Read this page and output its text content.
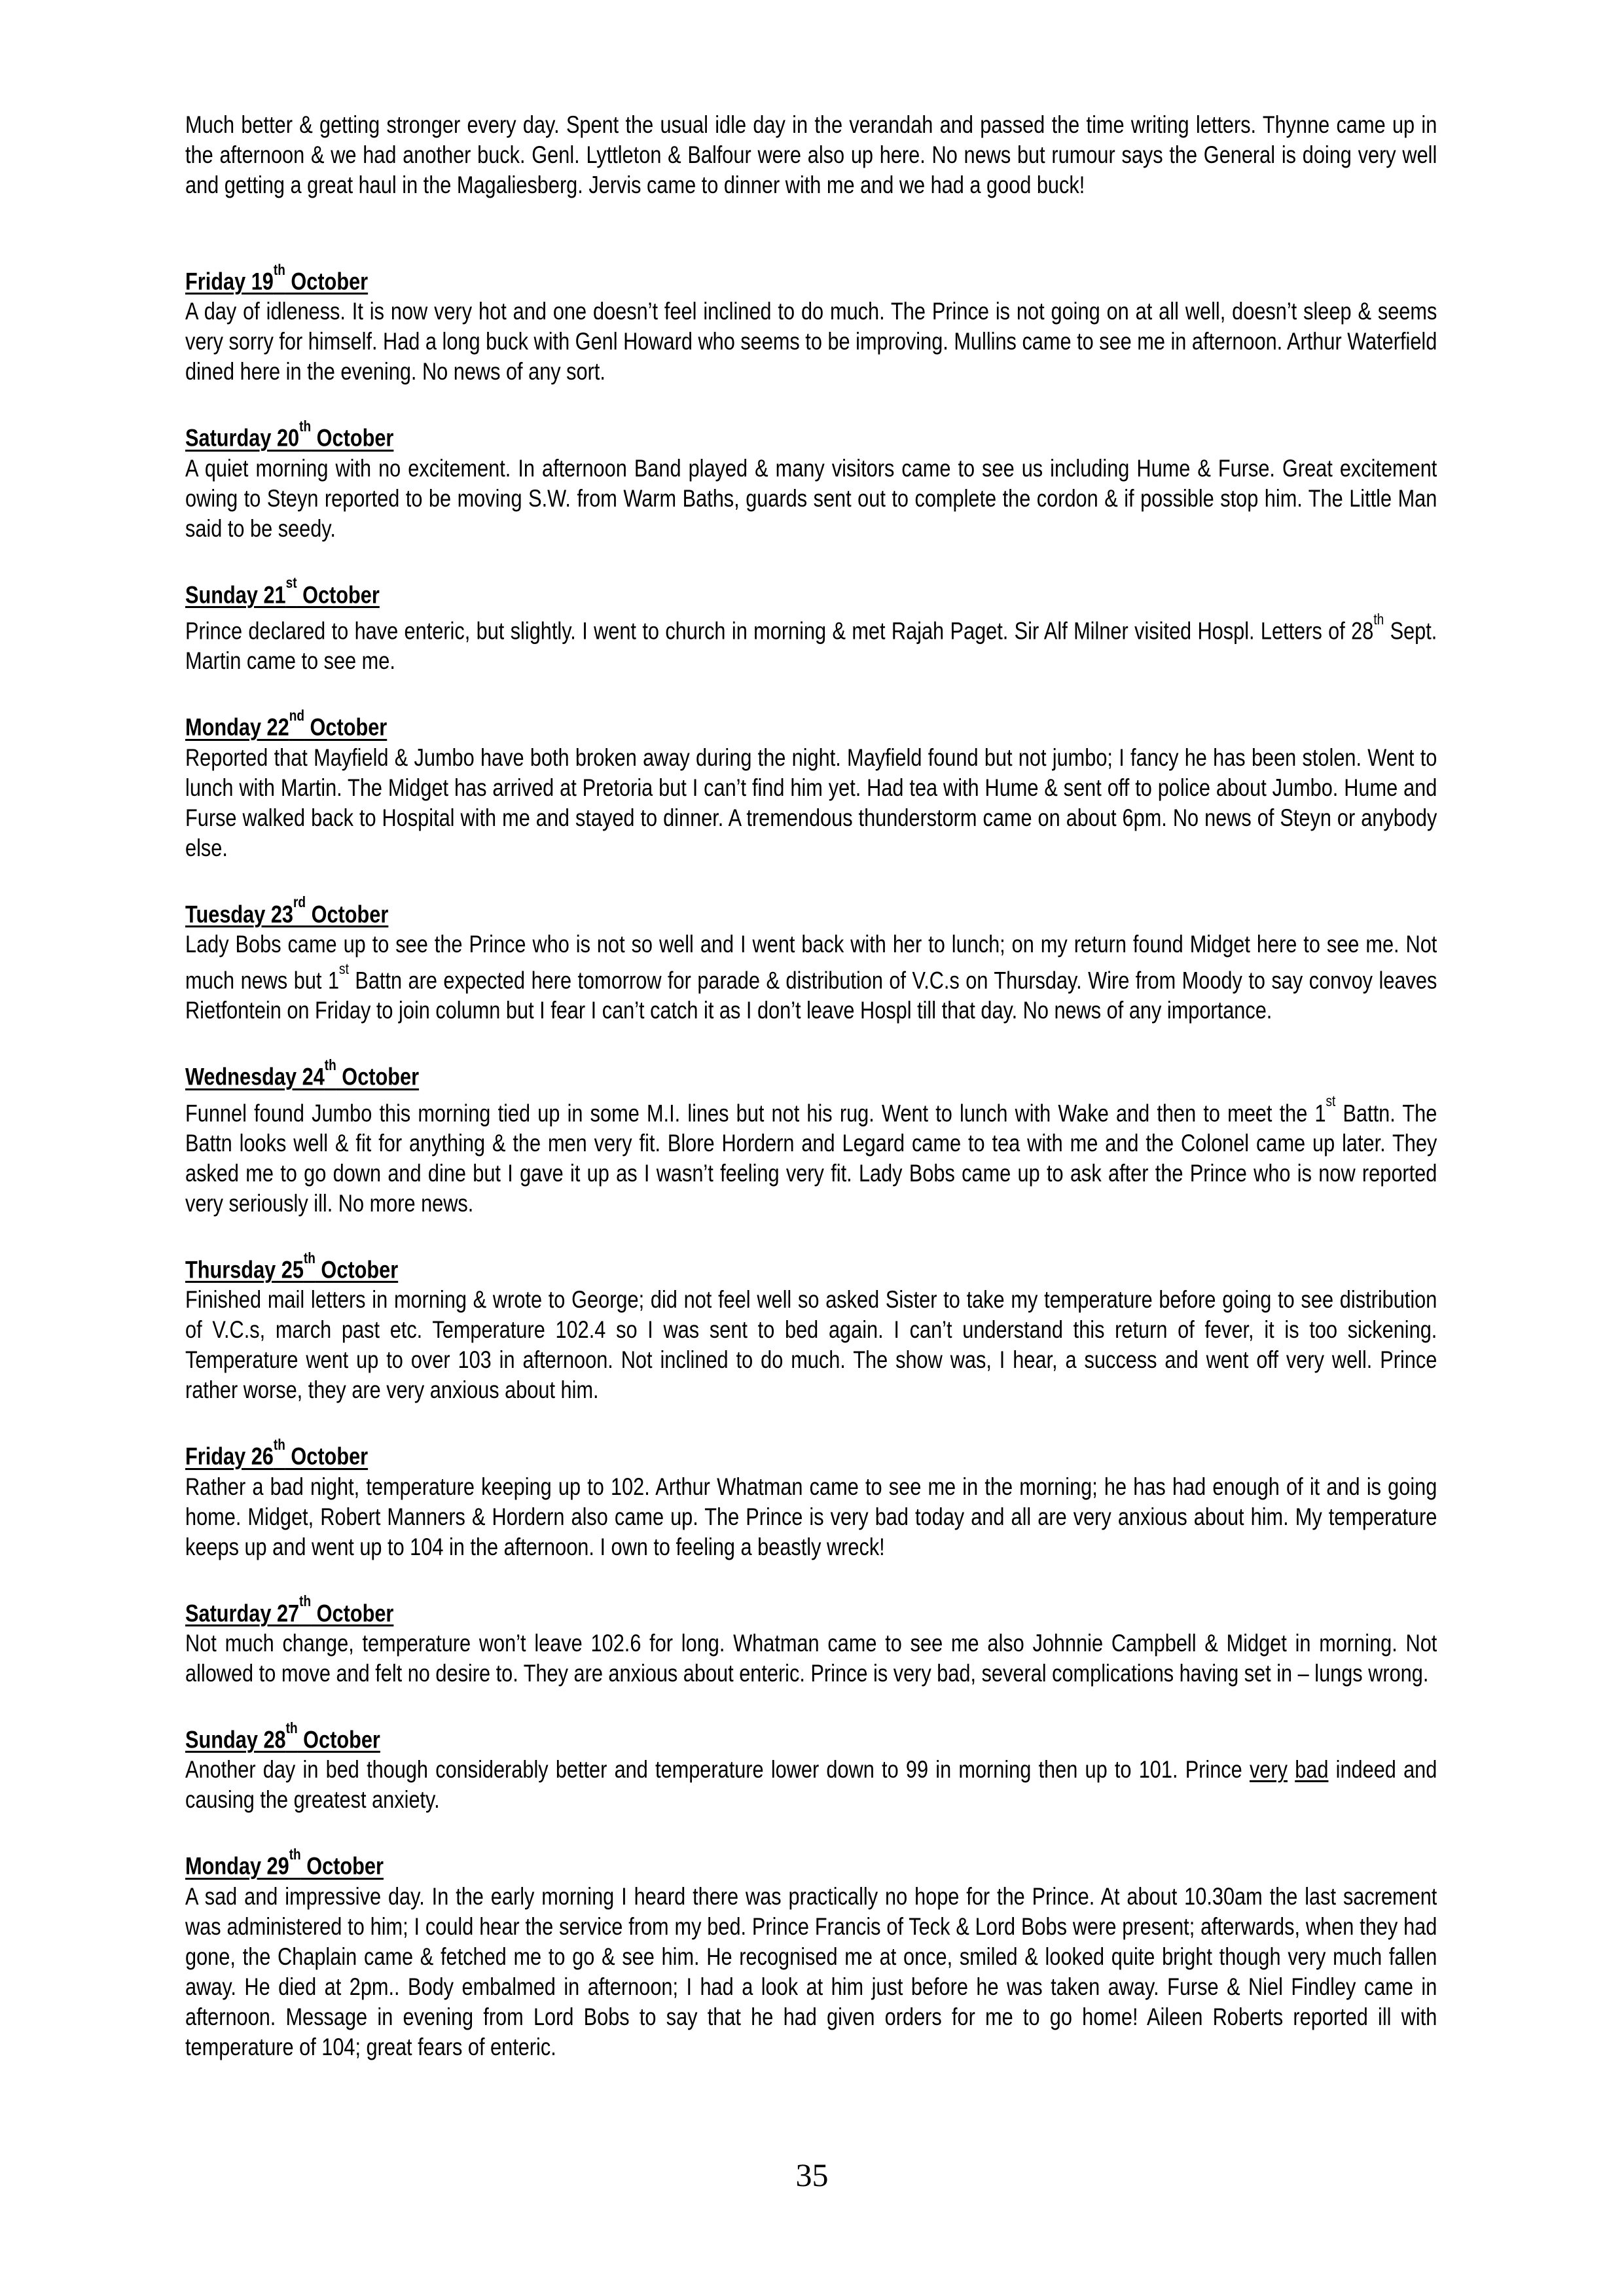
Much better & getting stronger every day. Spent the usual idle day in the verandah and passed the time writing letters. Thynne came up in the afternoon & we had another buck. Genl. Lyttleton & Balfour were also up here. No news but rumour says the General is doing very well and getting a great haul in the Magaliesberg. Jervis came to dinner with me and we had a good buck!

Friday 19th October
A day of idleness. It is now very hot and one doesn’t feel inclined to do much. The Prince is not going on at all well, doesn’t sleep & seems very sorry for himself. Had a long buck with Genl Howard who seems to be improving. Mullins came to see me in afternoon. Arthur Waterfield dined here in the evening. No news of any sort.
Saturday 20th October
A quiet morning with no excitement. In afternoon Band played & many visitors came to see us including Hume & Furse. Great excitement owing to Steyn reported to be moving S.W. from Warm Baths, guards sent out to complete the cordon & if possible stop him. The Little Man said to be seedy.
Sunday 21st October
Prince declared to have enteric, but slightly. I went to church in morning & met Rajah Paget. Sir Alf Milner visited Hospl. Letters of 28th Sept. Martin came to see me.
Monday 22nd October
Reported that Mayfield & Jumbo have both broken away during the night. Mayfield found but not jumbo; I fancy he has been stolen. Went to lunch with Martin. The Midget has arrived at Pretoria but I can’t find him yet. Had tea with Hume & sent off to police about Jumbo. Hume and Furse walked back to Hospital with me and stayed to dinner. A tremendous thunderstorm came on about 6pm. No news of Steyn or anybody else.
Tuesday 23rd October
Lady Bobs came up to see the Prince who is not so well and I went back with her to lunch; on my return found Midget here to see me. Not much news but 1st Battn are expected here tomorrow for parade & distribution of V.C.s on Thursday. Wire from Moody to say convoy leaves Rietfontein on Friday to join column but I fear I can’t catch it as I don’t leave Hospl till that day. No news of any importance.
Wednesday 24th October
Funnel found Jumbo this morning tied up in some M.I. lines but not his rug. Went to lunch with Wake and then to meet the 1st Battn. The Battn looks well & fit for anything & the men very fit. Blore Hordern and Legard came to tea with me and the Colonel came up later. They asked me to go down and dine but I gave it up as I wasn’t feeling very fit. Lady Bobs came up to ask after the Prince who is now reported very seriously ill. No more news.
Thursday 25th October
Finished mail letters in morning & wrote to George; did not feel well so asked Sister to take my temperature before going to see distribution of V.C.s, march past etc. Temperature 102.4 so I was sent to bed again. I can’t understand this return of fever, it is too sickening. Temperature went up to over 103 in afternoon. Not inclined to do much. The show was, I hear, a success and went off very well. Prince rather worse, they are very anxious about him.
Friday 26th October
Rather a bad night, temperature keeping up to 102. Arthur Whatman came to see me in the morning; he has had enough of it and is going home. Midget, Robert Manners & Hordern also came up. The Prince is very bad today and all are very anxious about him. My temperature keeps up and went up to 104 in the afternoon. I own to feeling a beastly wreck!
Saturday 27th October
Not much change, temperature won’t leave 102.6 for long. Whatman came to see me also Johnnie Campbell & Midget in morning. Not allowed to move and felt no desire to. They are anxious about enteric. Prince is very bad, several complications having set in – lungs wrong.
Sunday 28th October
Another day in bed though considerably better and temperature lower down to 99 in morning then up to 101. Prince very bad indeed and causing the greatest anxiety.
Monday 29th October
A sad and impressive day. In the early morning I heard there was practically no hope for the Prince. At about 10.30am the last sacrement was administered to him; I could hear the service from my bed. Prince Francis of Teck & Lord Bobs were present; afterwards, when they had gone, the Chaplain came & fetched me to go & see him. He recognised me at once, smiled & looked quite bright though very much fallen away. He died at 2pm.. Body embalmed in afternoon; I had a look at him just before he was taken away. Furse & Niel Findley came in afternoon. Message in evening from Lord Bobs to say that he had given orders for me to go home! Aileen Roberts reported ill with temperature of 104; great fears of enteric.
35
